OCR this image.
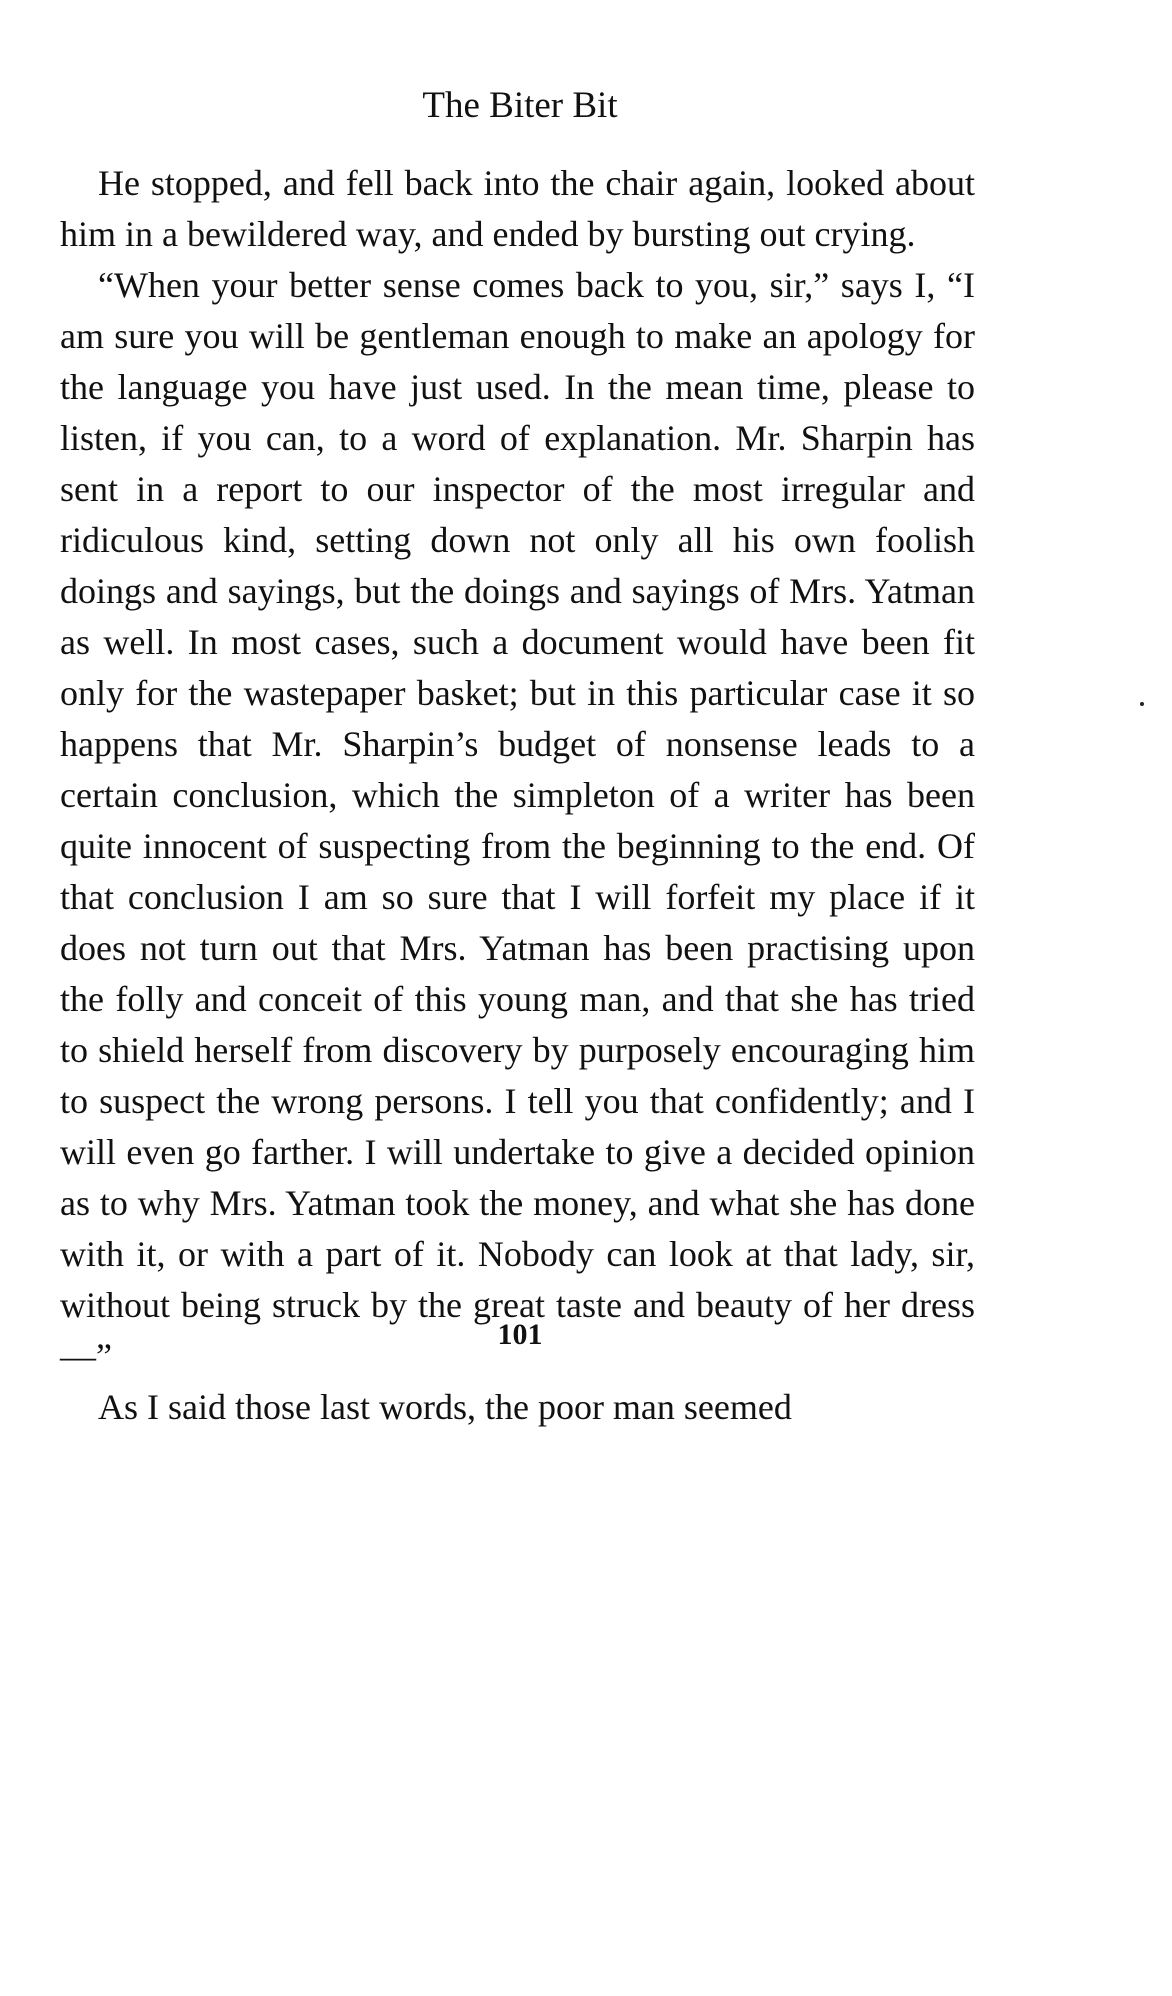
The Biter Bit

He stopped, and fell back into the chair again, looked about him in a bewildered way, and ended by bursting out crying.

“When your better sense comes back to you, sir,” says I, “I am sure you will be gentleman enough to make an apology for the language you have just used. In the mean time, please to listen, if you can, to a word of explanation. Mr. Sharpin has sent in a report to our inspector of the most irregular and ridiculous kind, setting down not only all his own foolish doings and sayings, but the doings and sayings of Mrs. Yatman as well. In most cases, such a document would have been fit only for the wastepaper basket; but in this particular case it so happens that Mr. Sharpin’s budget of nonsense leads to a certain conclusion, which the simpleton of a writer has been quite innocent of suspecting from the beginning to the end. Of that conclusion I am so sure that I will forfeit my place if it does not turn out that Mrs. Yatman has been practising upon the folly and conceit of this young man, and that she has tried to shield herself from discovery by purposely encouraging him to suspect the wrong persons. I tell you that confidently; and I will even go farther. I will undertake to give a decided opinion as to why Mrs. Yatman took the money, and what she has done with it, or with a part of it. Nobody can look at that lady, sir, without being struck by the great taste and beauty of her dress—”

As I said those last words, the poor man seemed

101
